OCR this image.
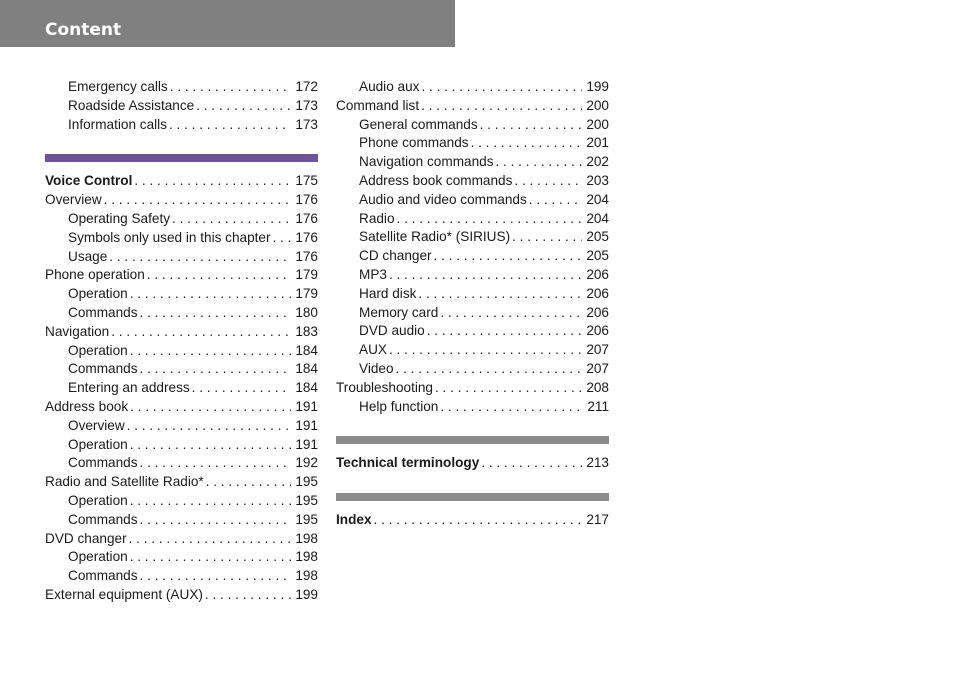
Content
Emergency calls . . .	172
Roadside Assistance . . .	173
Information calls . . .	173
Voice Control . . .	175
Overview . . .	176
Operating Safety . . .	176
Symbols only used in this chapter . . . 176
Usage . . .	176
Phone operation . . .	179
Operation . . .	179
Commands . . .	180
Navigation . . .	183
Operation . . .	184
Commands . . .	184
Entering an address . . .	184
Address book . . .	191
Overview . . .	191
Operation . . .	191
Commands . . .	192
Radio and Satellite Radio* . . .	195
Operation . . .	195
Commands . . .	195
DVD changer . . .	198
Operation . . .	198
Commands . . .	198
External equipment (AUX) . . .	199
Audio aux . . .	199
Command list . . .	200
General commands . . .	200
Phone commands . . .	201
Navigation commands . . .	202
Address book commands . . .	203
Audio and video commands . . .	204
Radio . . .	204
Satellite Radio* (SIRIUS) . . .	205
CD changer . . .	205
MP3 . . .	206
Hard disk . . .	206
Memory card . . .	206
DVD audio . . .	206
AUX . . .	207
Video . . .	207
Troubleshooting . . .	208
Help function . . .	211
Technical terminology . . .	213
Index . . .	217
